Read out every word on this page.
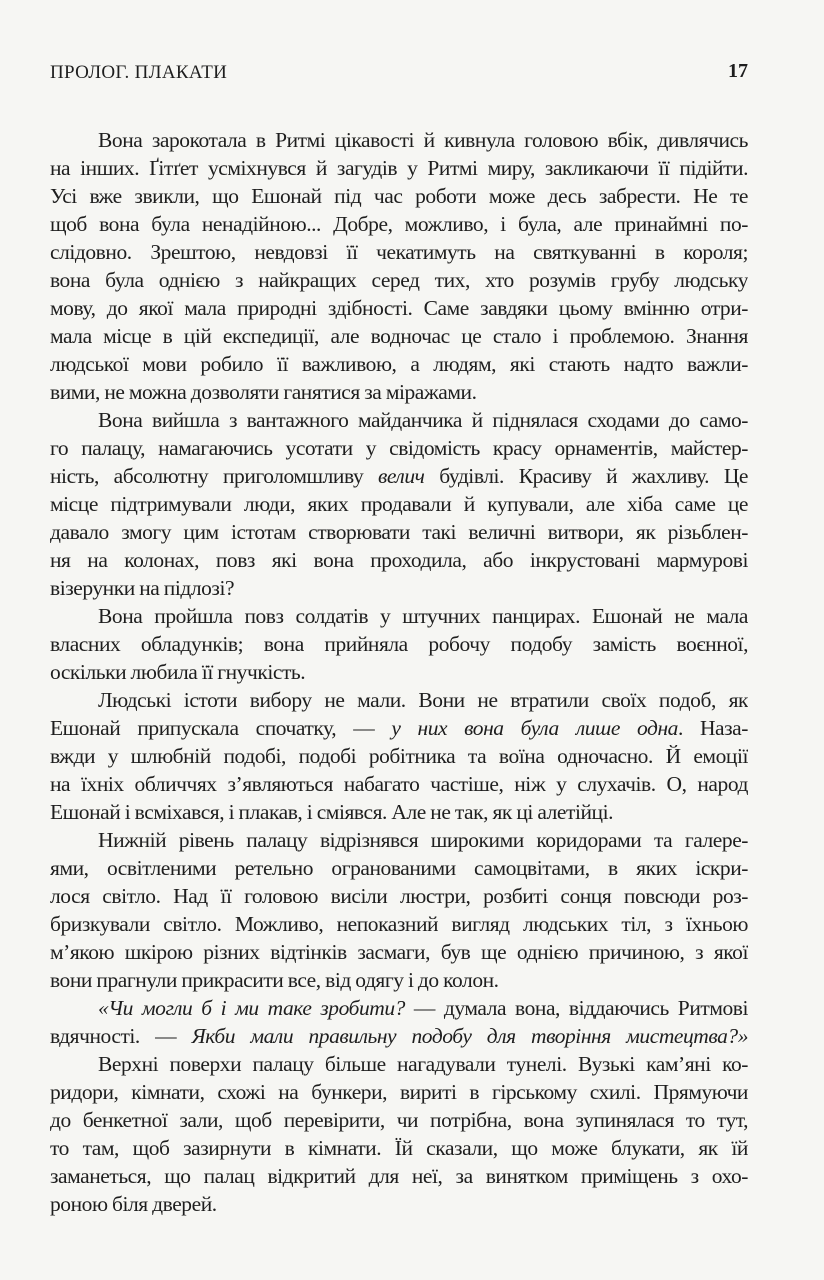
ПРОЛОГ. ПЛАКАТИ	17
Вона зарокотала в Ритмі цікавості й кивнула головою вбік, дивлячись
на інших. Ґітґет усміхнувся й загудів у Ритмі миру, закликаючи її підійти.
Усі вже звикли, що Ешонай під час роботи може десь забрести. Не те
щоб вона була ненадійною... Добре, можливо, і була, але принаймні по-
слідовно. Зрештою, невдовзі її чекатимуть на святкуванні в короля;
вона була однією з найкращих серед тих, хто розумів грубу людську
мову, до якої мала природні здібності. Саме завдяки цьому вмінню отри-
мала місце в цій експедиції, але водночас це стало і проблемою. Знання
людської мови робило її важливою, а людям, які стають надто важли-
вими, не можна дозволяти ганятися за міражами.
Вона вийшла з вантажного майданчика й піднялася сходами до само-
го палацу, намагаючись усотати у свідомість красу орнаментів, майстер-
ність, абсолютну приголомшливу велич будівлі. Красиву й жахливу. Це
місце підтримували люди, яких продавали й купували, але хіба саме це
давало змогу цим істотам створювати такі величні витвори, як різьблен-
ня на колонах, повз які вона проходила, або інкрустовані мармурові
візерунки на підлозі?
Вона пройшла повз солдатів у штучних панцирах. Ешонай не мала
власних обладунків; вона прийняла робочу подобу замість воєнної,
оскільки любила її гнучкість.
Людські істоти вибору не мали. Вони не втратили своїх подоб, як
Ешонай припускала спочатку, — у них вона була лише одна. Наза-
вжди у шлюбній подобі, подобі робітника та воїна одночасно. Й емоції
на їхніх обличчях з’являються набагато частіше, ніж у слухачів. О, народ
Ешонай і всміхався, і плакав, і сміявся. Але не так, як ці алетійці.
Нижній рівень палацу відрізнявся широкими коридорами та галере-
ями, освітленими ретельно огранованими самоцвітами, в яких іскри-
лося світло. Над її головою висіли люстри, розбиті сонця повсюди роз-
бризкували світло. Можливо, непоказний вигляд людських тіл, з їхньою
м’якою шкірою різних відтінків засмаги, був ще однією причиною, з якої
вони прагнули прикрасити все, від одягу і до колон.
«Чи могли б і ми таке зробити? — думала вона, віддаючись Ритмові
вдячності. — Якби мали правильну подобу для творіння мистецтва?»
Верхні поверхи палацу більше нагадували тунелі. Вузькі кам’яні ко-
ридори, кімнати, схожі на бункери, вириті в гірському схилі. Прямуючи
до бенкетної зали, щоб перевірити, чи потрібна, вона зупинялася то тут,
то там, щоб зазирнути в кімнати. Їй сказали, що може блукати, як їй
заманеться, що палац відкритий для неї, за винятком приміщень з охо-
роною біля дверей.
